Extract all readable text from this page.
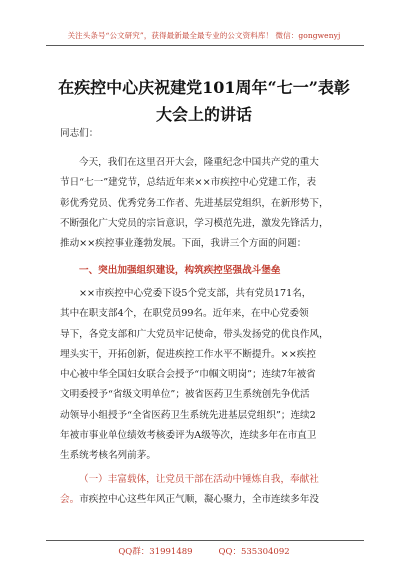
关注头条号“公文研究”，获得最新最全最专业的公文资料库！ 微信：gongwenyj
在疾控中心庆祝建党101周年“七一”表彰
大会上的讲话
同志们：
今天，我们在这里召开大会，隆重纪念中国共产党的重大
节日“七一”建党节，总结近年来××市疾控中心党建工作，表
彰优秀党员、优秀党务工作者、先进基层党组织，在新形势下，
不断强化广大党员的宗旨意识，学习模范先进，激发先锋活力，
推动××疾控事业蓬勃发展。下面，我讲三个方面的问题：
一、突出加强组织建设，构筑疾控坚强战斗堡垒
××市疾控中心党委下设5个党支部，共有党员171名，
其中在职支部4个，在职党员99名。近年来，在中心党委领
导下，各党支部和广大党员牢记使命，带头发扬党的优良作风，
埋头实干，开拓创新，促进疾控工作水平不断提升。××疾控
中心被中华全国妇女联合会授予“巾帼文明岗”；连续7年被省
文明委授予“省级文明单位”；被省医药卫生系统创先争优活
动领导小组授予“全省医药卫生系统先进基层党组织”；连续2
年被市事业单位绩效考核委评为A级等次，连续多年在市直卫
生系统考核名列前茅。
（一）丰富载体，让党员干部在活动中锤炼自我，奉献社
会。市疾控中心这些年风正气顺，凝心聚力，全市连续多年没
QQ群：31991489	QQ：535304092
